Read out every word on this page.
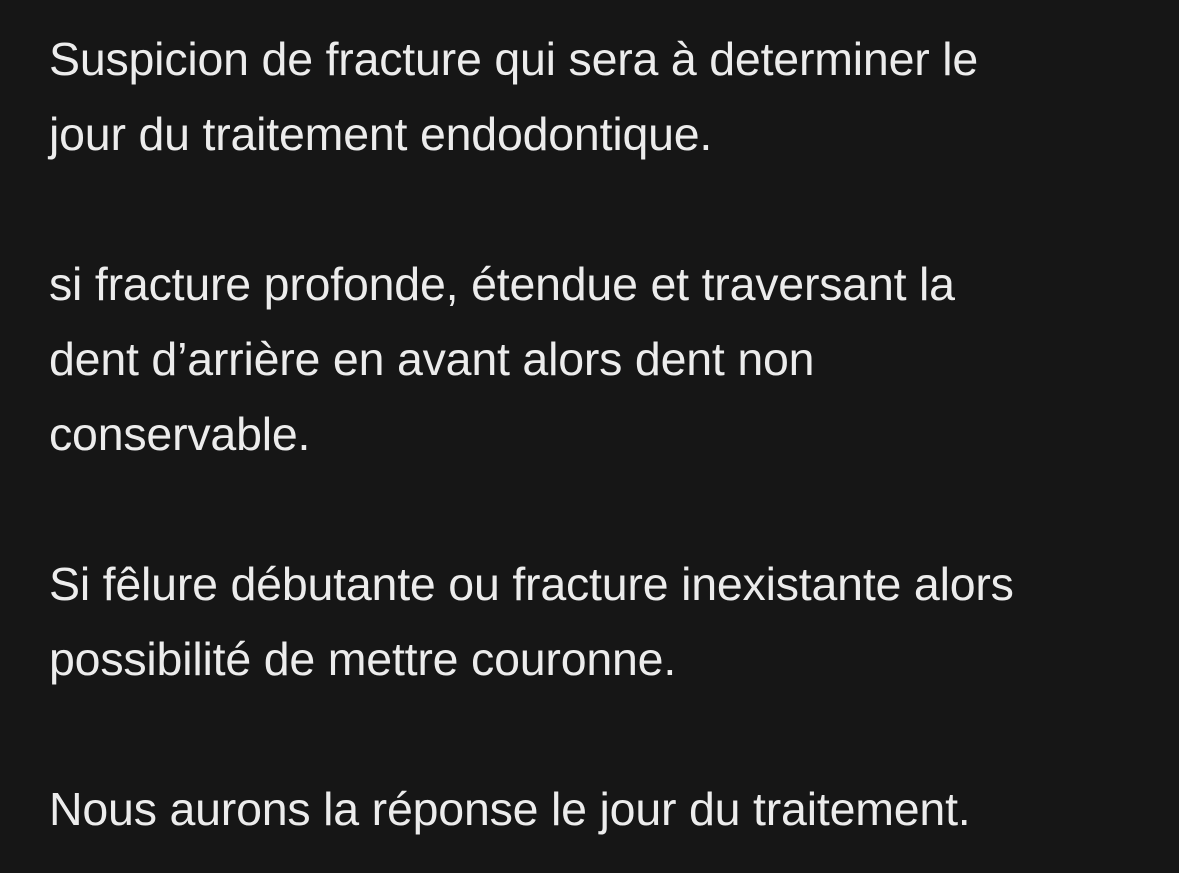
Suspicion de fracture qui sera à determiner le
jour du traitement endodontique.
si fracture profonde, étendue et traversant la
dent d’arrière en avant alors dent non
conservable.
Si fêlure débutante ou fracture inexistante alors
possibilité de mettre couronne.
Nous aurons la réponse le jour du traitement.
